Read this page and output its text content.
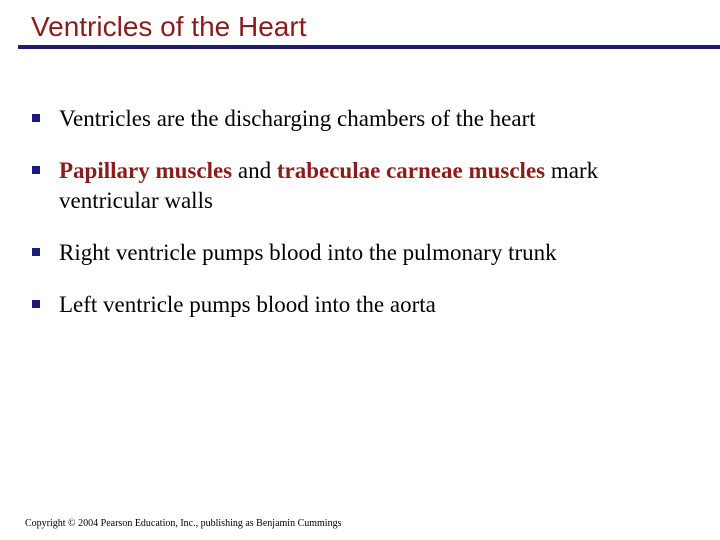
Ventricles of the Heart
Ventricles are the discharging chambers of the heart
Papillary muscles and trabeculae carneae muscles mark ventricular walls
Right ventricle pumps blood into the pulmonary trunk
Left ventricle pumps blood into the aorta
Copyright © 2004 Pearson Education, Inc., publishing as Benjamin Cummings
